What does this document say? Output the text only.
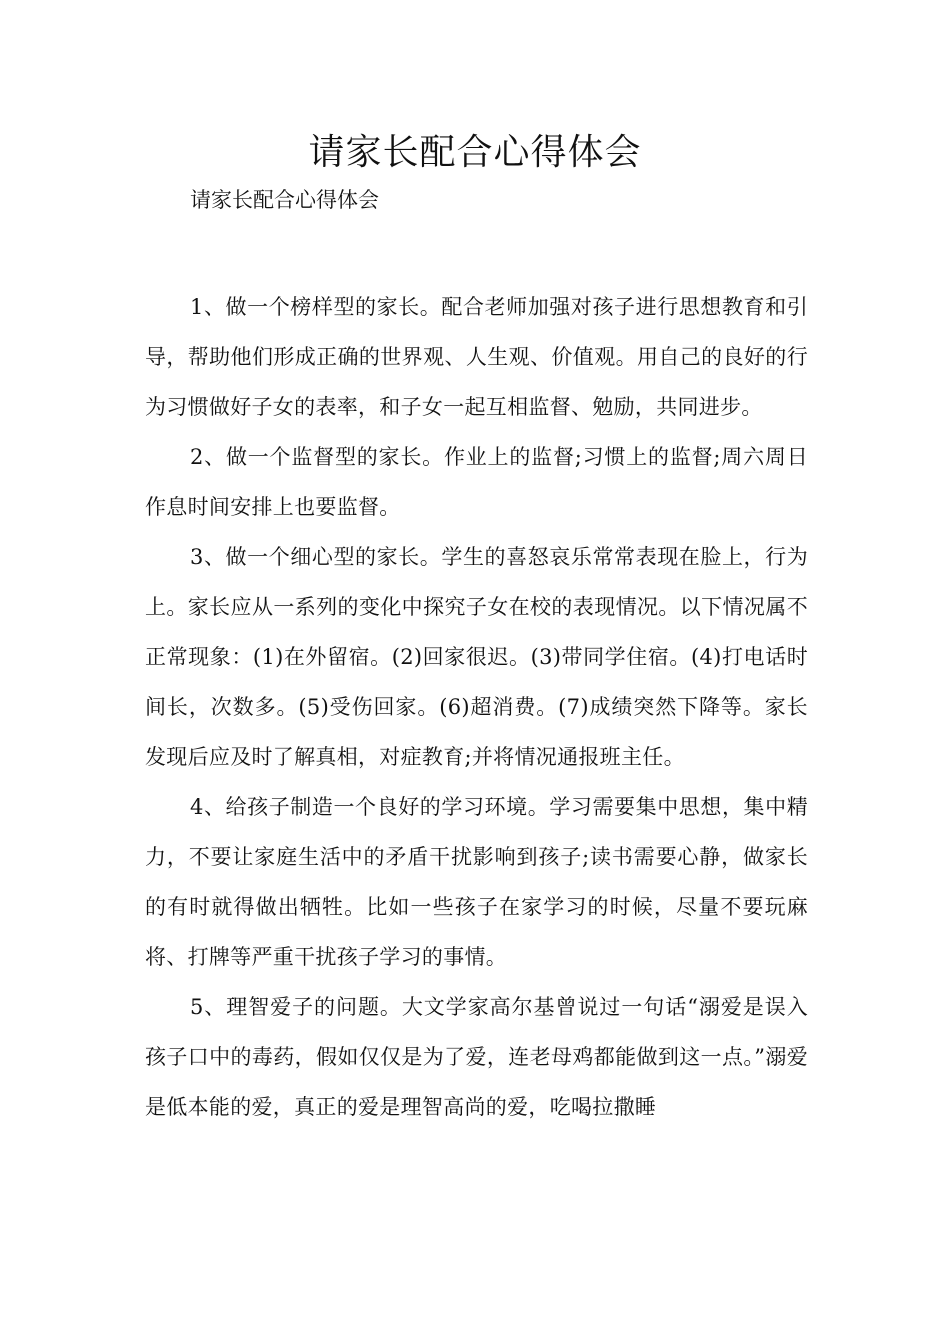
请家长配合心得体会

请家长配合心得体会

1、做一个榜样型的家长。配合老师加强对孩子进行思想教育和引导，帮助他们形成正确的世界观、人生观、价值观。用自己的良好的行为习惯做好子女的表率，和子女一起互相监督、勉励，共同进步。

2、做一个监督型的家长。作业上的监督;习惯上的监督;周六周日作息时间安排上也要监督。

3、做一个细心型的家长。学生的喜怒哀乐常常表现在脸上，行为上。家长应从一系列的变化中探究子女在校的表现情况。以下情况属不正常现象：(1)在外留宿。(2)回家很迟。(3)带同学住宿。(4)打电话时间长，次数多。(5)受伤回家。(6)超消费。(7)成绩突然下降等。家长发现后应及时了解真相，对症教育;并将情况通报班主任。

4、给孩子制造一个良好的学习环境。学习需要集中思想，集中精力，不要让家庭生活中的矛盾干扰影响到孩子;读书需要心静，做家长的有时就得做出牺牲。比如一些孩子在家学习的时候，尽量不要玩麻将、打牌等严重干扰孩子学习的事情。

5、理智爱子的问题。大文学家高尔基曾说过一句话“溺爱是误入孩子口中的毒药，假如仅仅是为了爱，连老母鸡都能做到这一点。”溺爱是低本能的爱，真正的爱是理智高尚的爱，吃喝拉撒睡
